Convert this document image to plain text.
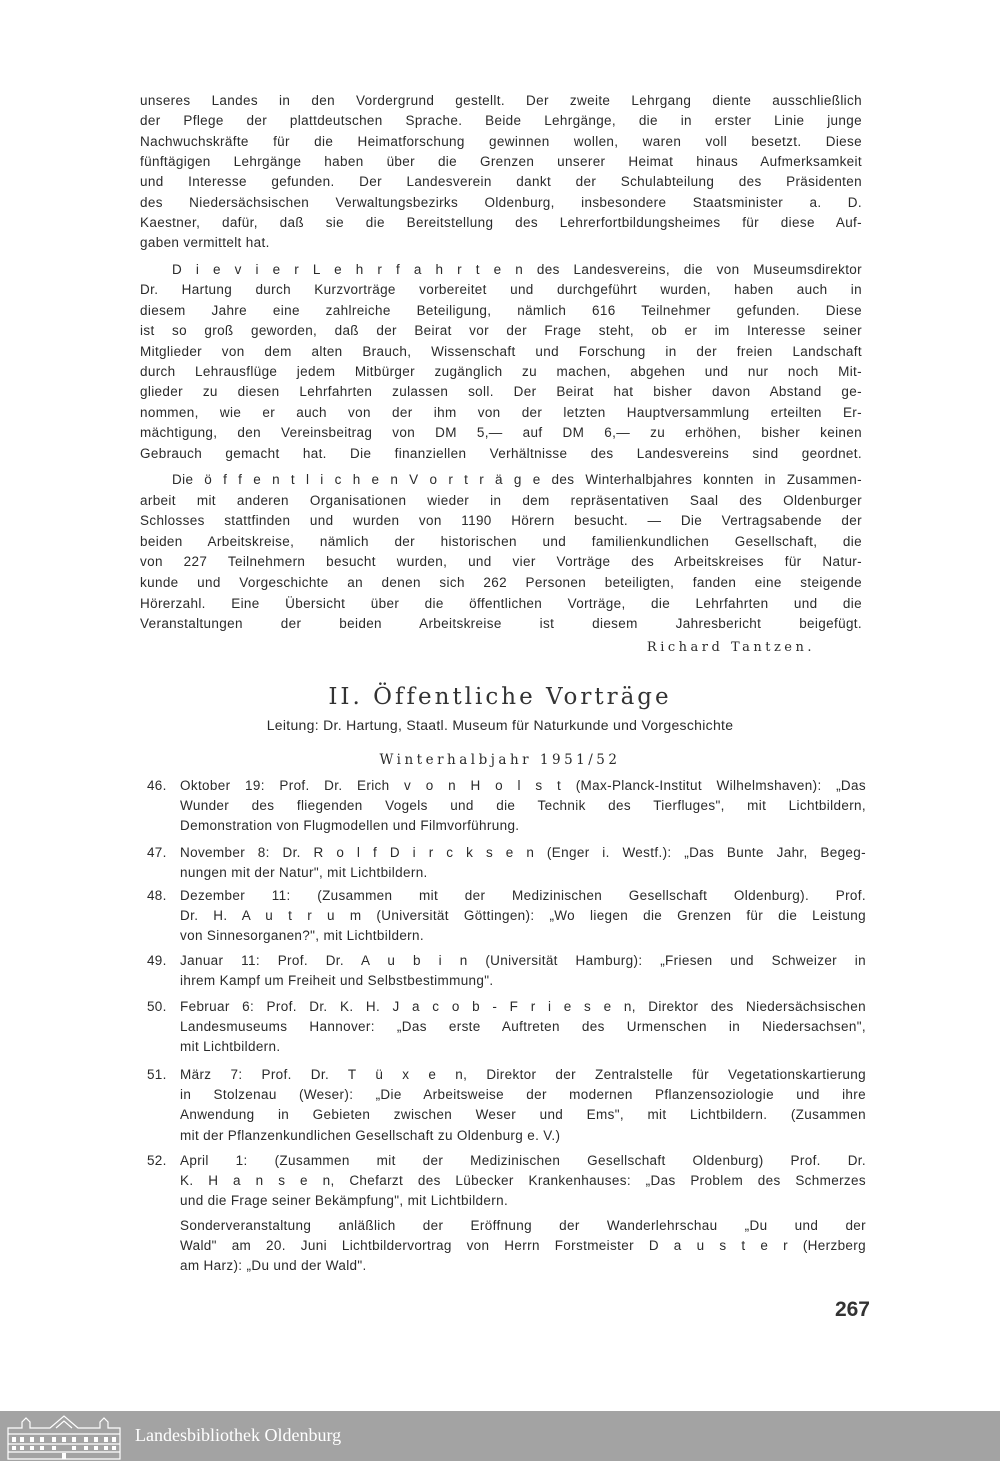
unseres Landes in den Vordergrund gestellt. Der zweite Lehrgang diente ausschließlich
der Pflege der plattdeutschen Sprache. Beide Lehrgänge, die in erster Linie junge
Nachwuchskräfte für die Heimatforschung gewinnen wollen, waren voll besetzt. Diese
fünftägigen Lehrgänge haben über die Grenzen unserer Heimat hinaus Aufmerksamkeit
und Interesse gefunden. Der Landesverein dankt der Schulabteilung des Präsidenten
des Niedersächsischen Verwaltungsbezirks Oldenburg, insbesondere Staatsminister a. D.
Kaestner, dafür, daß sie die Bereitstellung des Lehrerfortbildungsheimes für diese Auf-
gaben vermittelt hat.
D i e v i e r L e h r f a h r t e n des Landesvereins, die von Museumsdirektor
Dr. Hartung durch Kurzvorträge vorbereitet und durchgeführt wurden, haben auch in
diesem Jahre eine zahlreiche Beteiligung, nämlich 616 Teilnehmer gefunden. Diese
ist so groß geworden, daß der Beirat vor der Frage steht, ob er im Interesse seiner
Mitglieder von dem alten Brauch, Wissenschaft und Forschung in der freien Landschaft
durch Lehrausflüge jedem Mitbürger zugänglich zu machen, abgehen und nur noch Mit-
glieder zu diesen Lehrfahrten zulassen soll. Der Beirat hat bisher davon Abstand ge-
nommen, wie er auch von der ihm von der letzten Hauptversammlung erteilten Er-
mächtigung, den Vereinsbeitrag von DM 5,— auf DM 6,— zu erhöhen, bisher keinen
Gebrauch gemacht hat. Die finanziellen Verhältnisse des Landesvereins sind geordnet.
Die ö f f e n t l i c h e n V o r t r ä g e des Winterhalbjahres konnten in Zusammen-
arbeit mit anderen Organisationen wieder in dem repräsentativen Saal des Oldenburger
Schlosses stattfinden und wurden von 1190 Hörern besucht. — Die Vertragsabende der
beiden Arbeitskreise, nämlich der historischen und familienkundlichen Gesellschaft, die
von 227 Teilnehmern besucht wurden, und vier Vorträge des Arbeitskreises für Natur-
kunde und Vorgeschichte an denen sich 262 Personen beteiligten, fanden eine steigende
Hörerzahl. Eine Übersicht über die öffentlichen Vorträge, die Lehrfahrten und die
Veranstaltungen der beiden Arbeitskreise ist diesem Jahresbericht beigefügt.
Richard Tantzen.
II. Öffentliche Vorträge
Leitung: Dr. Hartung, Staatl. Museum für Naturkunde und Vorgeschichte
Winterhalbjahr 1951/52
46. Oktober 19: Prof. Dr. Erich v o n H o l s t (Max-Planck-Institut Wilhelmshaven): „Das
Wunder des fliegenden Vogels und die Technik des Tierfluges", mit Lichtbildern,
Demonstration von Flugmodellen und Filmvorführung.
47. November 8: Dr. R o l f D i r c k s e n (Enger i. Westf.): „Das Bunte Jahr, Begeg-
nungen mit der Natur", mit Lichtbildern.
48. Dezember 11: (Zusammen mit der Medizinischen Gesellschaft Oldenburg). Prof.
Dr. H. A u t r u m (Universität Göttingen): „Wo liegen die Grenzen für die Leistung
von Sinnesorganen?", mit Lichtbildern.
49. Januar 11: Prof. Dr. A u b i n (Universität Hamburg): „Friesen und Schweizer in
ihrem Kampf um Freiheit und Selbstbestimmung".
50. Februar 6: Prof. Dr. K. H. J a c o b - F r i e s e n, Direktor des Niedersächsischen
Landesmuseums Hannover: „Das erste Auftreten des Urmenschen in Niedersachsen",
mit Lichtbildern.
51. März 7: Prof. Dr. T ü x e n, Direktor der Zentralstelle für Vegetationskartierung
in Stolzenau (Weser): „Die Arbeitsweise der modernen Pflanzensoziologie und ihre
Anwendung in Gebieten zwischen Weser und Ems", mit Lichtbildern. (Zusammen
mit der Pflanzenkundlichen Gesellschaft zu Oldenburg e. V.)
52. April 1: (Zusammen mit der Medizinischen Gesellschaft Oldenburg) Prof. Dr.
K. H a n s e n, Chefarzt des Lübecker Krankenhauses: „Das Problem des Schmerzes
und die Frage seiner Bekämpfung", mit Lichtbildern.
Sonderveranstaltung anläßlich der Eröffnung der Wanderlehrschau „Du und der
Wald" am 20. Juni Lichtbildervortrag von Herrn Forstmeister D a u s t e r (Herzberg
am Harz): „Du und der Wald".
267
Landesbibliothek Oldenburg
